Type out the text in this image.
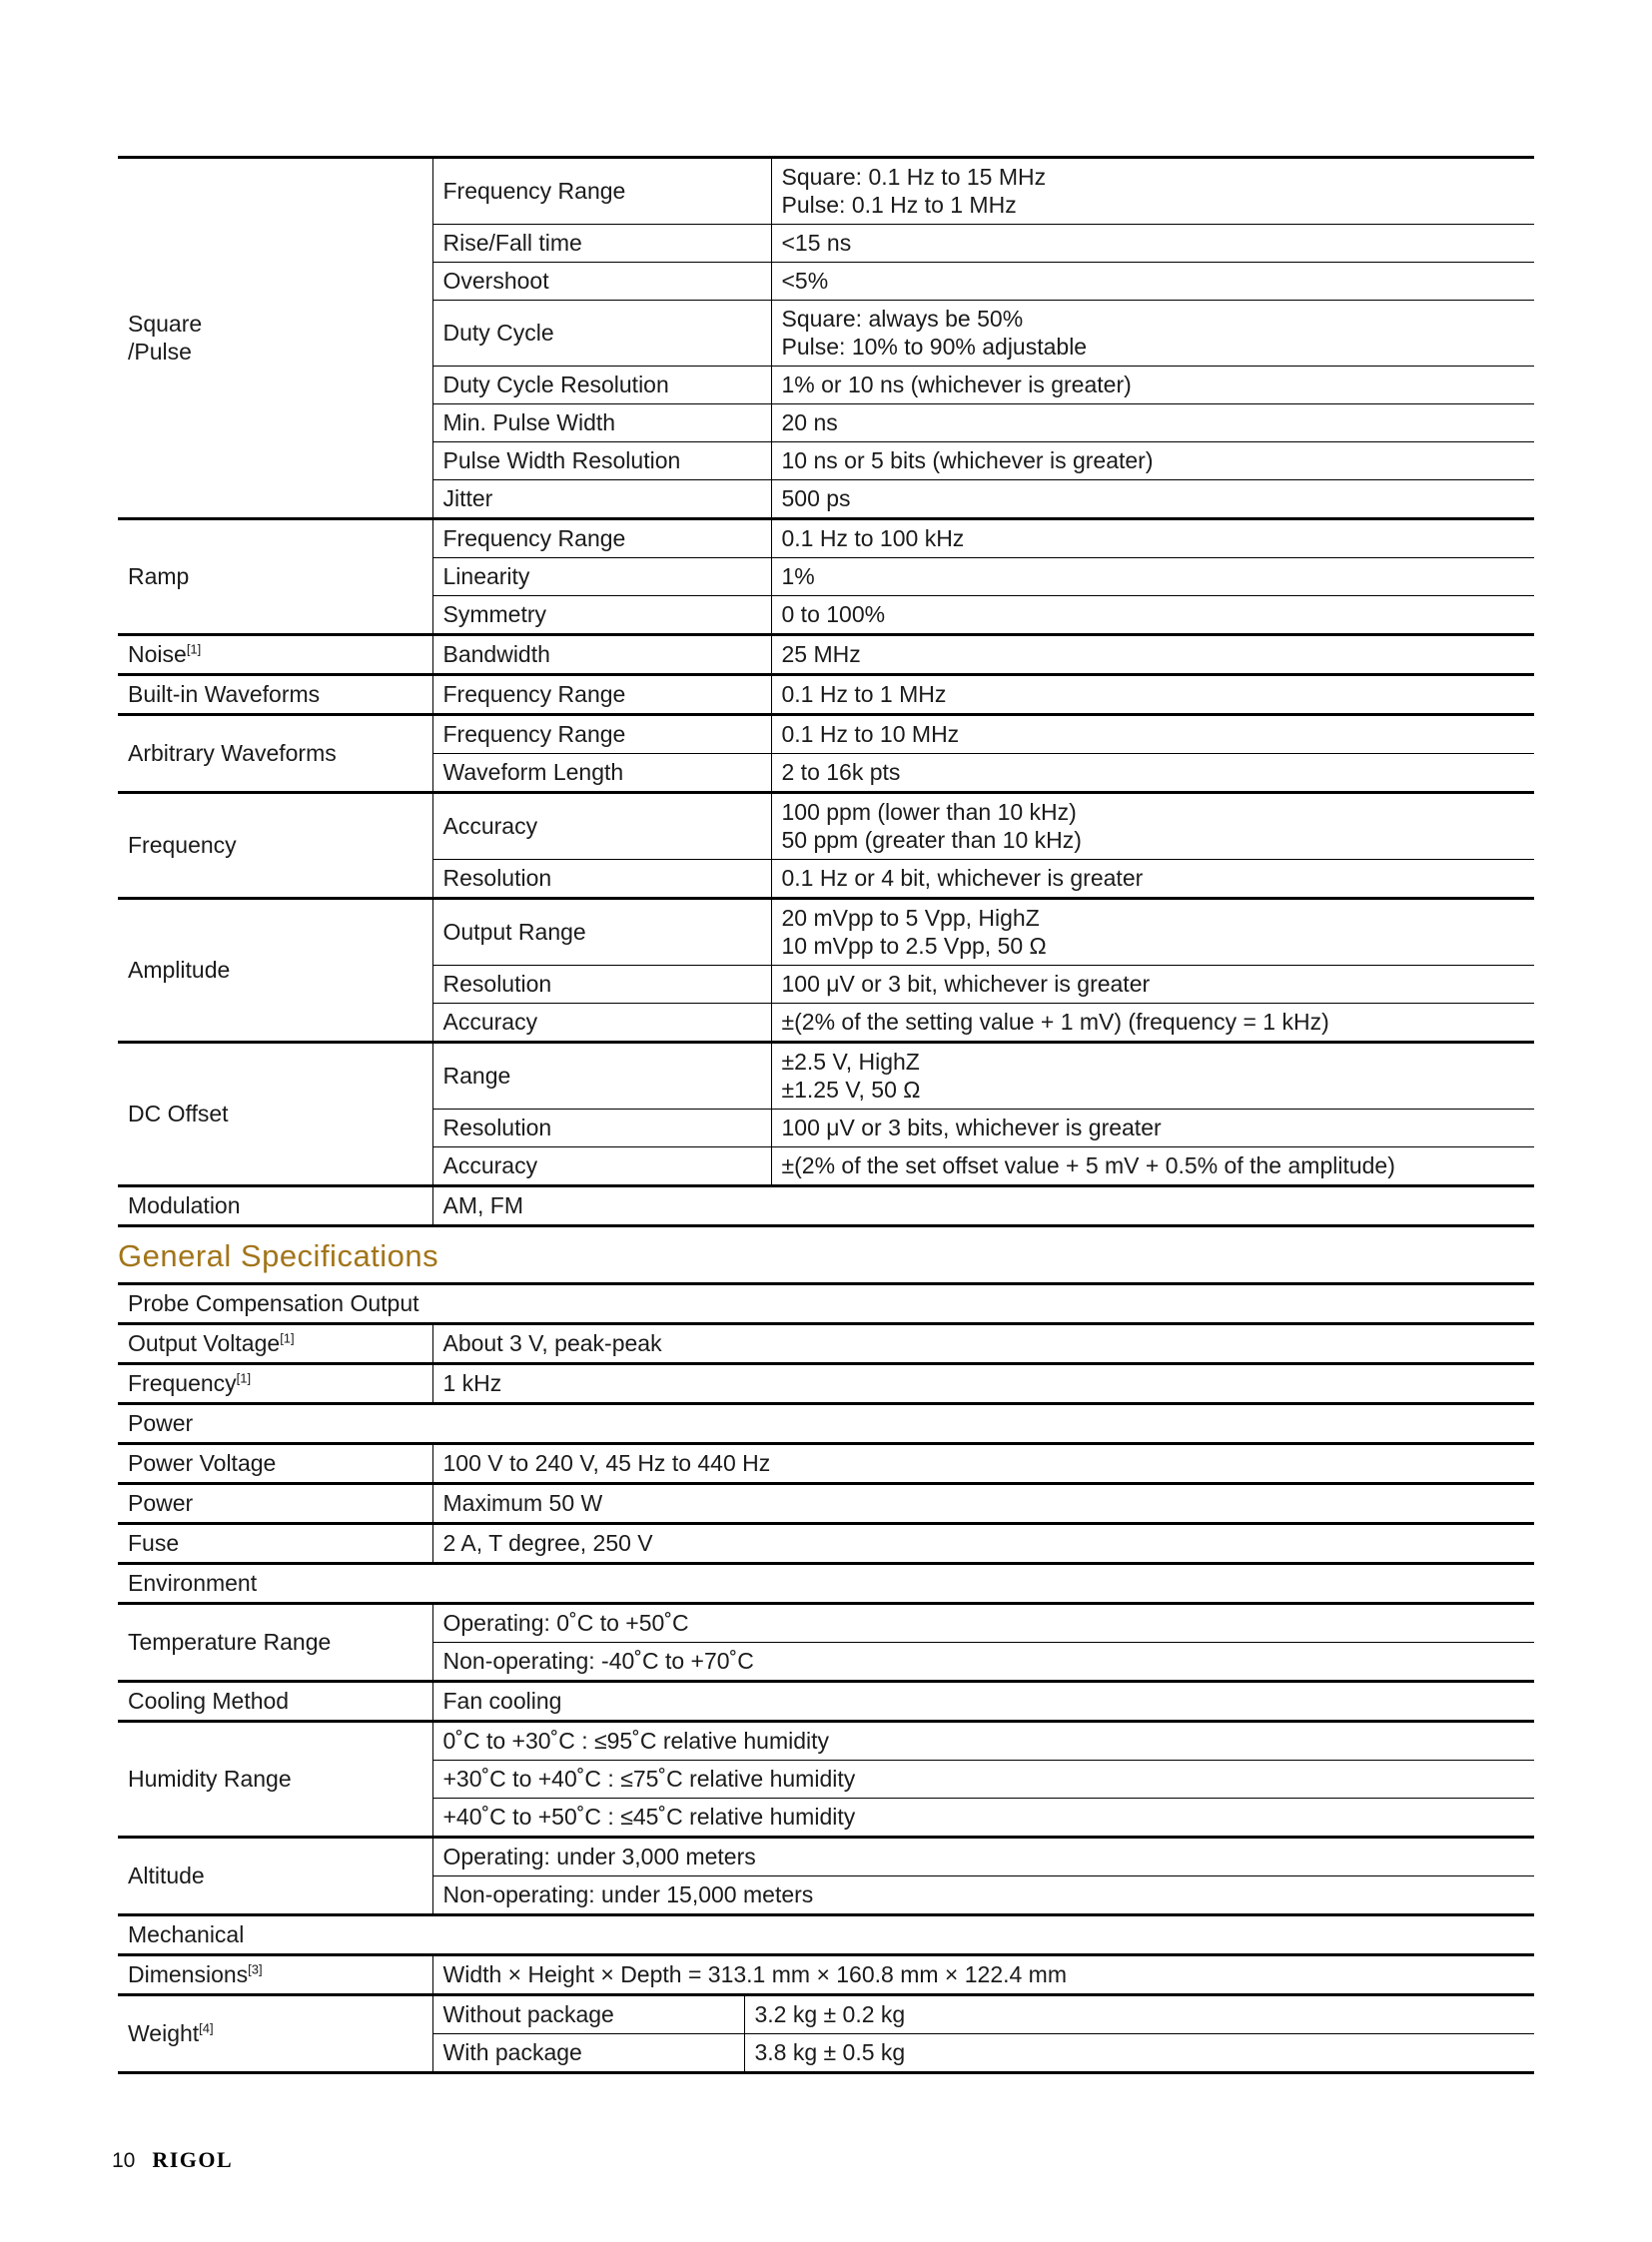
Square
/Pulse
	Frequency Range	
Square: 0.1 Hz to 15 MHz
Pulse: 0.1 Hz to 1 MHz

	Rise/Fall time	<15 ns

	Overshoot	<5%

	Duty Cycle	Square: always be 50%
Pulse: 10% to 90% adjustable

	Duty Cycle Resolution	1% or 10 ns (whichever is greater)

	Min. Pulse Width	20 ns

	Pulse Width Resolution	10 ns or 5 bits (whichever is greater)

	Jitter	500 ps

Ramp	Frequency Range	0.1 Hz to 100 kHz

	Linearity	1%

	Symmetry	0 to 100%

Noise[1]	Bandwidth	25 MHz

Built-in Waveforms	Frequency Range	0.1 Hz to 1 MHz

Arbitrary Waveforms	Frequency Range	0.1 Hz to 10 MHz

	Waveform Length	2 to 16k pts

Frequency	Accuracy	100 ppm (lower than 10 kHz)
50 ppm (greater than 10 kHz)

	Resolution	0.1 Hz or 4 bit, whichever is greater

Amplitude	Output Range	20 mVpp to 5 Vpp, HighZ
10 mVpp to 2.5 Vpp, 50 Ω

	Resolution	100 μV or 3 bit, whichever is greater

	Accuracy	±(2% of the setting value + 1 mV) (frequency = 1 kHz)

DC Offset	Range	±2.5 V, HighZ
±1.25 V, 50 Ω

	Resolution	100 μV or 3 bits, whichever is greater

	Accuracy	±(2% of the set offset value + 5 mV + 0.5% of the amplitude)

Modulation	AM, FM	
General Specifications
Probe Compensation Output		
Output Voltage[1]	About 3 V, peak-peak	
Frequency[1]	1 kHz	
Power		
Power Voltage	100 V to 240 V, 45 Hz to 440 Hz	
Power	Maximum 50 W	
Fuse	2 A, T degree, 250 V	
Environment		
Temperature Range	Operating: 0˚C to +50˚C	
	Non-operating: -40˚C to +70˚C	
Cooling Method	Fan cooling	
Humidity Range	0˚C to +30˚C : ≤95˚C relative humidity	
	+30˚C to +40˚C : ≤75˚C relative humidity	
	+40˚C to +50˚C : ≤45˚C relative humidity	
Altitude	Operating: under 3,000 meters	
	Non-operating: under 15,000 meters	
Mechanical		
Dimensions[3]	Width × Height × Depth = 313.1 mm × 160.8 mm × 122.4 mm	
Weight[4]	Without package	3.2 kg ± 0.2 kg
	With package	3.8 kg ± 0.5 kg
10 RIGOL
